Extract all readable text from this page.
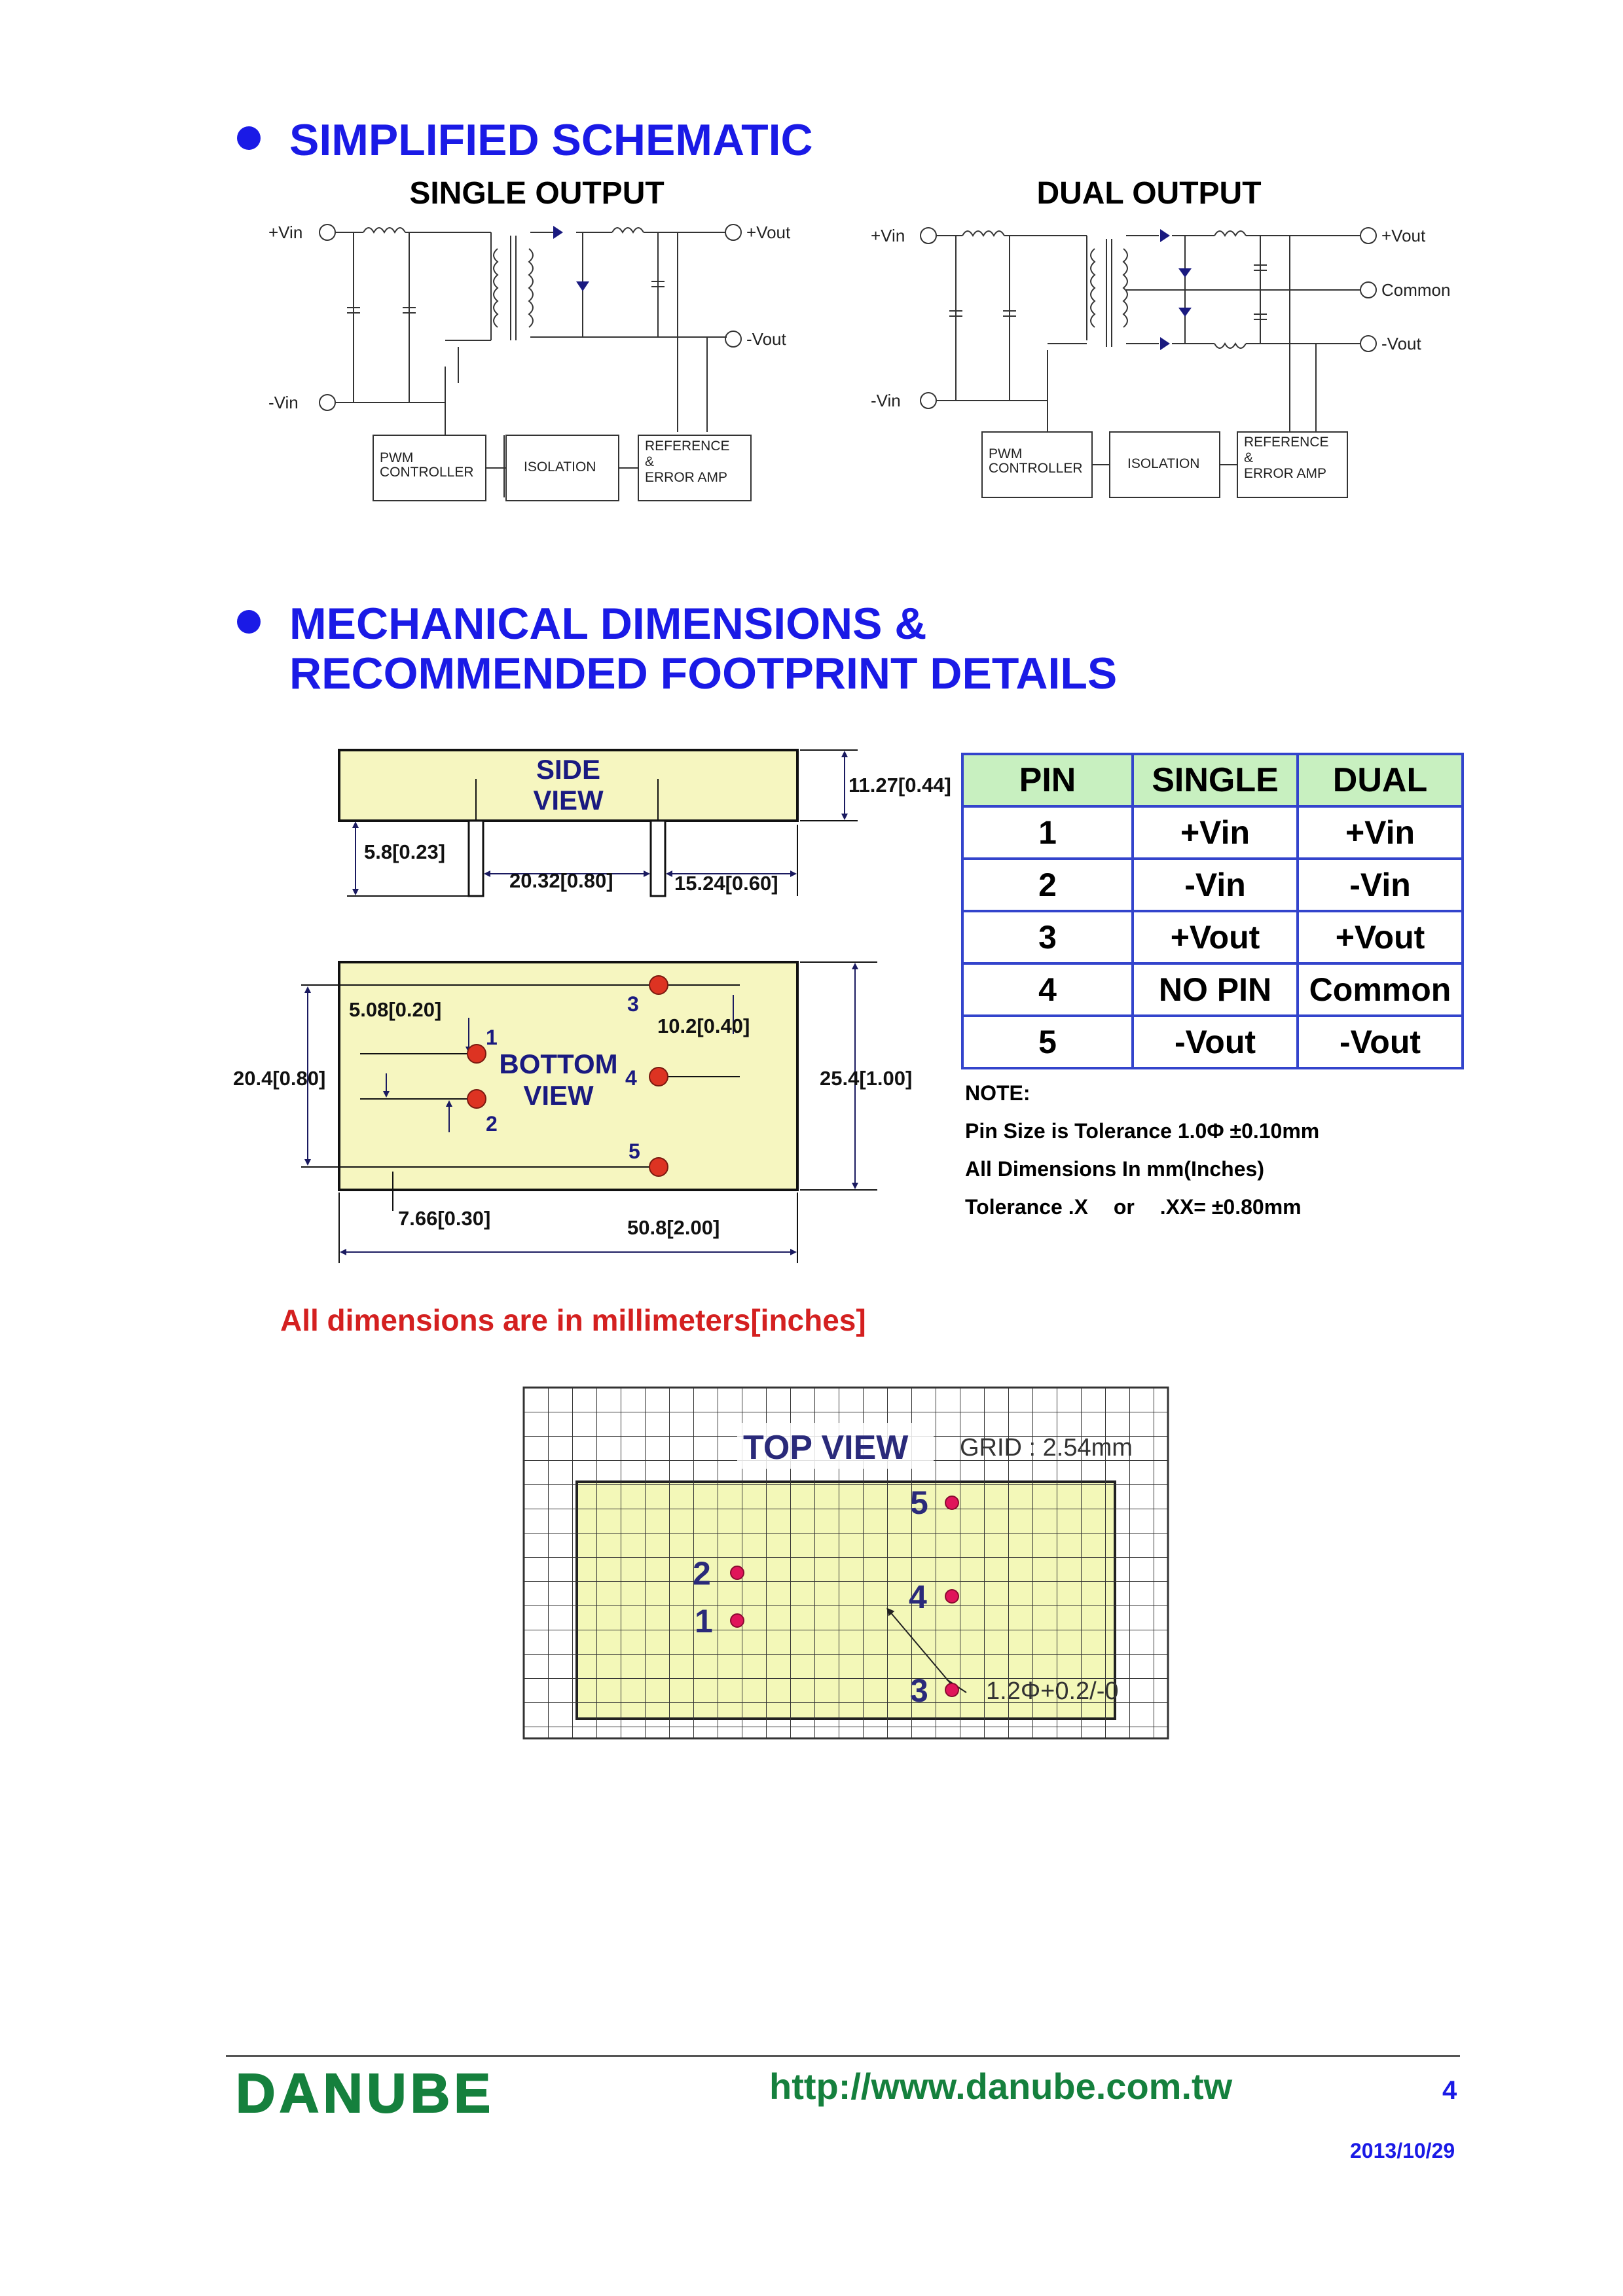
SIMPLIFIED SCHEMATIC
SINGLE OUTPUT	DUAL OUTPUT
+Vin
-Vin
+Vout
-Vout
PWM
CONTROLLER	ISOLATION
REFERENCE
&
ERROR AMP
+Vin
-Vin
+Vout
Common
-Vout
PWM
CONTROLLER	ISOLATION
REFERENCE
&
ERROR AMP
MECHANICAL DIMENSIONS &
RECOMMENDED FOOTPRINT DETAILS
SIDE
VIEW	11.27[0.44]
5.8[0.23]
20.32[0.80]	15.24[0.60]
BOTTOM
VIEW
1
2
3
4
5
5.08[0.20]
10.2[0.40]
20.4[0.80]	25.4[1.00]
7.66[0.30]	50.8[2.00]
PIN	SINGLE	DUAL
1	+Vin	+Vin
2	-Vin	-Vin
3	+Vout	+Vout
4	NO PIN	Common
5	-Vout	-Vout
NOTE:
Pin Size is Tolerance 1.0Φ ±0.10mm
All Dimensions In mm(Inches)
Tolerance .X or .XX= ±0.80mm
All dimensions are in millimeters[inches]
TOP VIEW GRID : 2.54mm
5
2
1
4
3 1.2Φ+0.2/-0
DANUBE	http://www.danube.com.tw	4
2013/10/29
